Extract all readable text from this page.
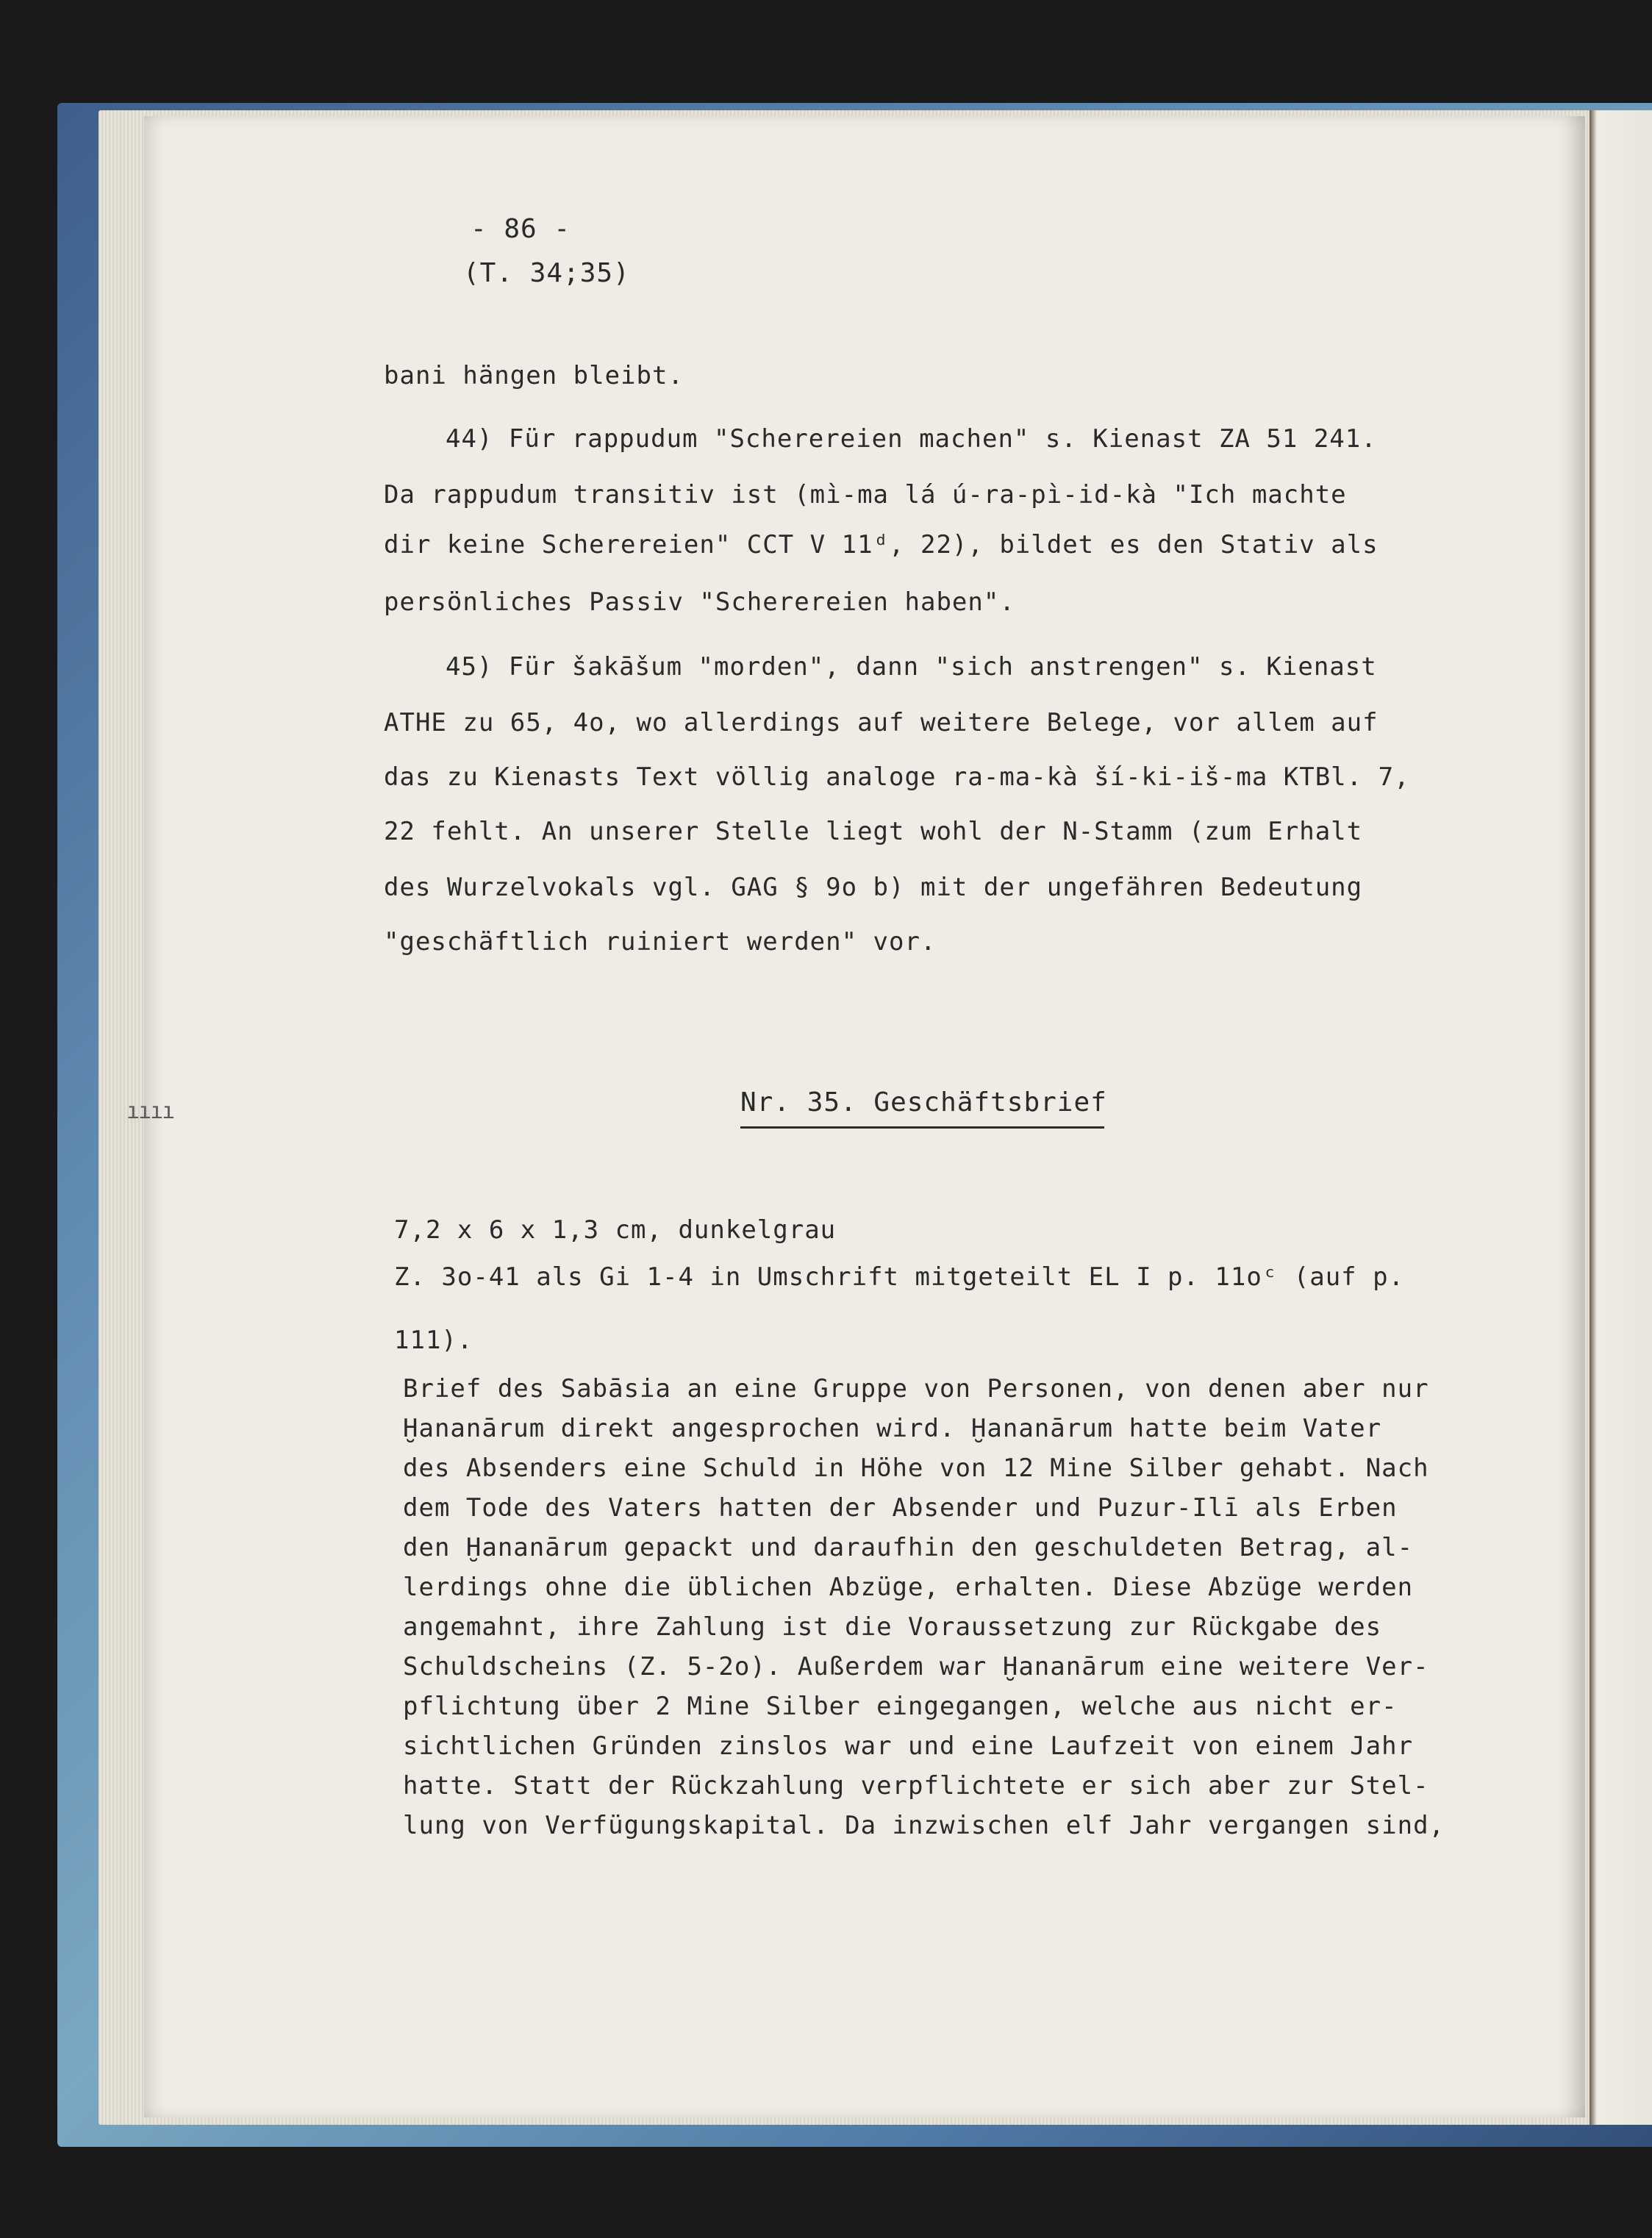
ıııı
- 86 -
(T. 34;35)
bani hängen bleibt.
44) Für rappudum "Scherereien machen" s. Kienast ZA 51 241.
Da rappudum transitiv ist (mì-ma lá ú-ra-pì-id-kà "Ich machte
dir keine Scherereien" CCT V 11ᵈ, 22), bildet es den Stativ als
persönliches Passiv "Scherereien haben".
45) Für šakāšum "morden", dann "sich anstrengen" s. Kienast
ATHE zu 65, 4o, wo allerdings auf weitere Belege, vor allem auf
das zu Kienasts Text völlig analoge ra-ma-kà ší-ki-iš-ma KTBl. 7,
22 fehlt. An unserer Stelle liegt wohl der N-Stamm (zum Erhalt
des Wurzelvokals vgl. GAG § 9o b) mit der ungefähren Bedeutung
"geschäftlich ruiniert werden" vor.
Nr. 35. Geschäftsbrief
7,2 x 6 x 1,3 cm, dunkelgrau
Z. 3o-41 als Gi 1-4 in Umschrift mitgeteilt EL I p. 11oᶜ (auf p.
111).
Brief des Sabāsia an eine Gruppe von Personen, von denen aber nur
Ḫananārum direkt angesprochen wird. Ḫananārum hatte beim Vater
des Absenders eine Schuld in Höhe von 12 Mine Silber gehabt. Nach
dem Tode des Vaters hatten der Absender und Puzur-Ilī als Erben
den Ḫananārum gepackt und daraufhin den geschuldeten Betrag, al-
lerdings ohne die üblichen Abzüge, erhalten. Diese Abzüge werden
angemahnt, ihre Zahlung ist die Voraussetzung zur Rückgabe des
Schuldscheins (Z. 5-2o). Außerdem war Ḫananārum eine weitere Ver-
pflichtung über 2 Mine Silber eingegangen, welche aus nicht er-
sichtlichen Gründen zinslos war und eine Laufzeit von einem Jahr
hatte. Statt der Rückzahlung verpflichtete er sich aber zur Stel-
lung von Verfügungskapital. Da inzwischen elf Jahr vergangen sind,
